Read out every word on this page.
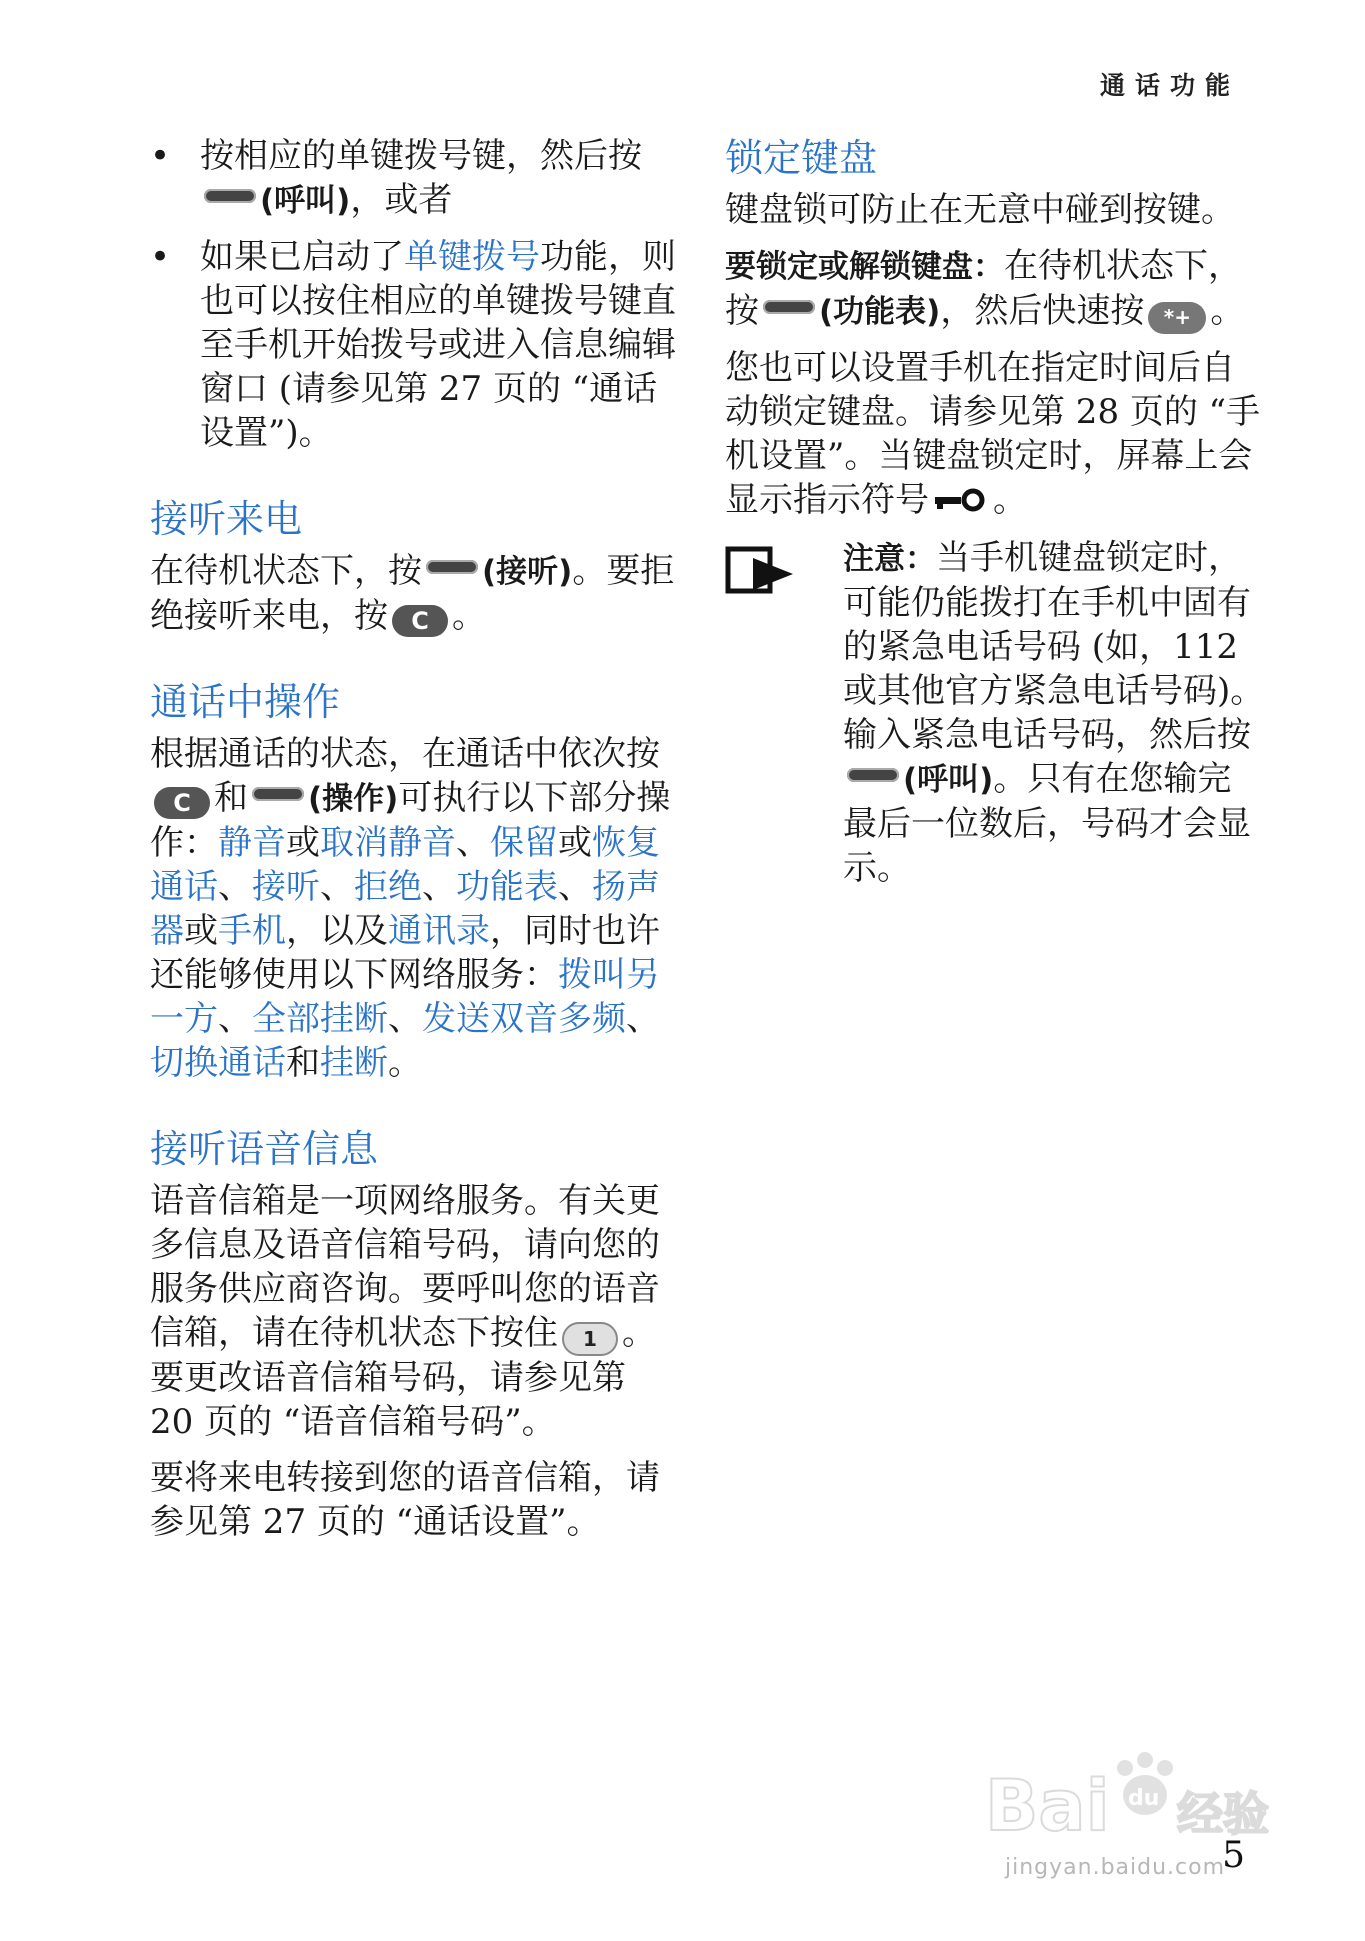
通话功能
• 按相应的单键拨号键，然后按(呼叫)，或者
• 如果已启动了单键拨号功能，则也可以按住相应的单键拨号键直至手机开始拨号或进入信息编辑窗口 (请参见第 27 页的 “通话设置”)。
接听来电

在待机状态下，按 (接听)。要拒绝接听来电，按 C 。

通话中操作

根据通话的状态，在通话中依次按C 和 (操作)可执行以下部分操作：静音或取消静音、保留或恢复通话、接听、拒绝、功能表、扬声器或手机，以及通讯录，同时也许还能够使用以下网络服务：拨叫另一方、全部挂断、发送双音多频、切换通话和挂断。

接听语音信息

语音信箱是一项网络服务。有关更多信息及语音信箱号码，请向您的服务供应商咨询。要呼叫您的语音信箱，请在待机状态下按住 1 。要更改语音信箱号码，请参见第 20 页的 “语音信箱号码”。

要将来电转接到您的语音信箱，请参见第 27 页的 “通话设置”。

锁定键盘

键盘锁可防止在无意中碰到按键。

要锁定或解锁键盘：在待机状态下，按 (功能表)，然后快速按 *+ 。

您也可以设置手机在指定时间后自动锁定键盘。请参见第 28 页的 “手机设置”。当键盘锁定时，屏幕上会显示指示符号 。

注意：当手机键盘锁定时，可能仍能拨打在手机中固有的紧急电话号码 (如，112 或其他官方紧急电话号码)。输入紧急电话号码，然后按(呼叫)。只有在您输完最后一位数后，号码才会显示。
Bai du 经验
jingyan.baidu.com
5
